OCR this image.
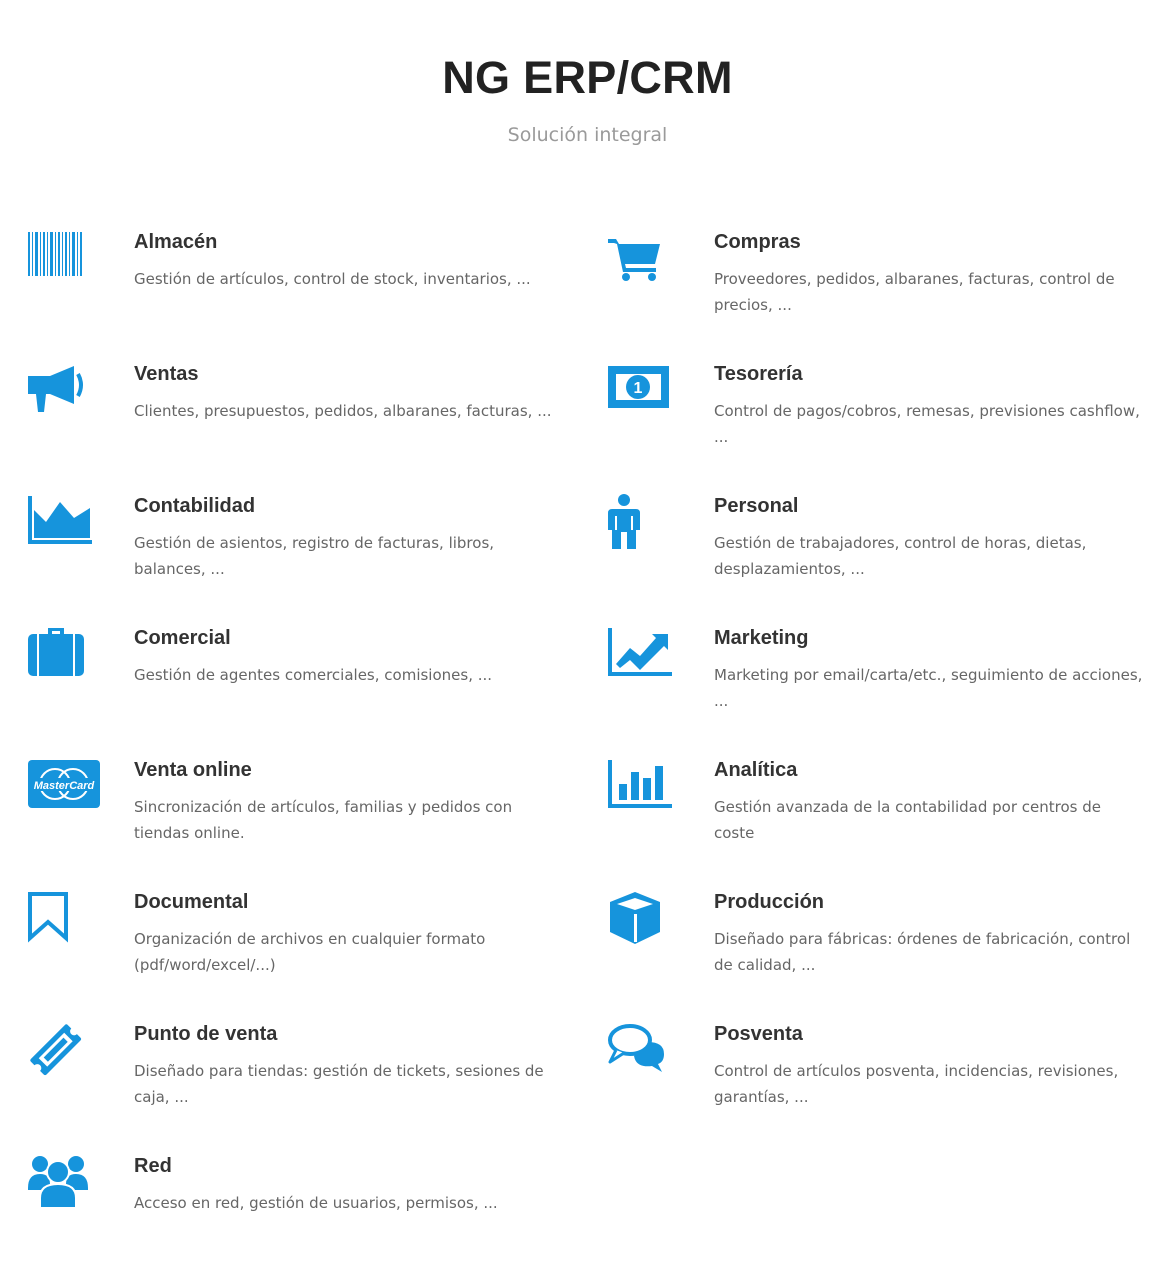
NG ERP/CRM

Solución integral

Almacén

Gestión de artículos, control de stock, inventarios, ...

Compras

Proveedores, pedidos, albaranes, facturas, control de precios, ...

Ventas

Clientes, presupuestos, pedidos, albaranes, facturas, ...

1
Tesorería

Control de pagos/cobros, remesas, previsiones cashflow, ...

Contabilidad

Gestión de asientos, registro de facturas, libros, balances, ...

Personal

Gestión de trabajadores, control de horas, dietas, desplazamientos, ...

Comercial

Gestión de agentes comerciales, comisiones, ...

Marketing

Marketing por email/carta/etc., seguimiento de acciones, ...

MasterCard
Venta online

Sincronización de artículos, familias y pedidos con tiendas online.

Analítica

Gestión avanzada de la contabilidad por centros de coste

Documental

Organización de archivos en cualquier formato (pdf/word/excel/...)

Producción

Diseñado para fábricas: órdenes de fabricación, control de calidad, ...

Punto de venta

Diseñado para tiendas: gestión de tickets, sesiones de caja, ...

Posventa

Control de artículos posventa, incidencias, revisiones, garantías, ...

Red

Acceso en red, gestión de usuarios, permisos, ...
